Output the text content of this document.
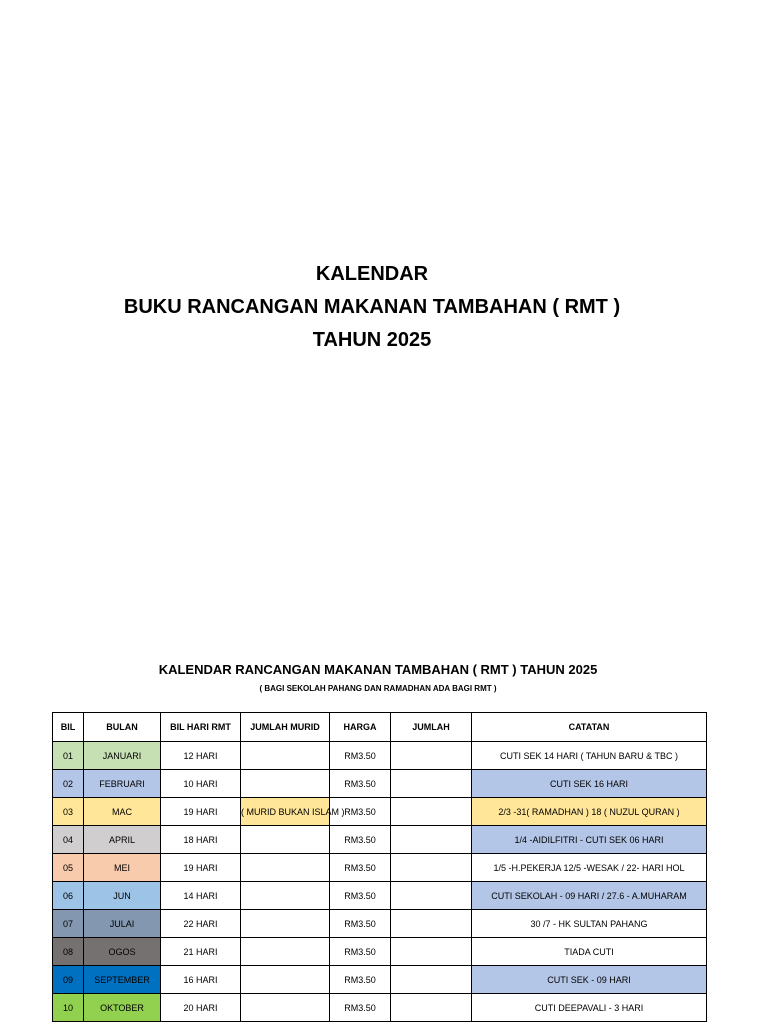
KALENDAR
BUKU RANCANGAN MAKANAN TAMBAHAN ( RMT )
TAHUN 2025
KALENDAR RANCANGAN MAKANAN TAMBAHAN ( RMT ) TAHUN 2025
( BAGI SEKOLAH PAHANG DAN RAMADHAN ADA BAGI RMT )
BIL	BULAN	BIL HARI RMT	JUMLAH MURID	HARGA	JUMLAH	CATATAN
01	JANUARI	12 HARI		RM3.50		CUTI SEK 14 HARI ( TAHUN BARU & TBC )
02	FEBRUARI	10 HARI		RM3.50		CUTI SEK 16 HARI
03	MAC	19 HARI	( MURID BUKAN ISLAM )	RM3.50		2/3 -31( RAMADHAN ) 18 ( NUZUL QURAN )
04	APRIL	18 HARI		RM3.50		1/4 -AIDILFITRI - CUTI SEK 06 HARI
05	MEI	19 HARI		RM3.50		1/5 -H.PEKERJA 12/5 -WESAK / 22- HARI HOL
06	JUN	14 HARI		RM3.50		CUTI SEKOLAH - 09 HARI / 27.6 - A.MUHARAM
07	JULAI	22 HARI		RM3.50		30 /7 - HK SULTAN PAHANG
08	OGOS	21 HARI		RM3.50		TIADA CUTI
09	SEPTEMBER	16 HARI		RM3.50		CUTI SEK - 09 HARI
10	OKTOBER	20 HARI		RM3.50		CUTI DEEPAVALI - 3 HARI
